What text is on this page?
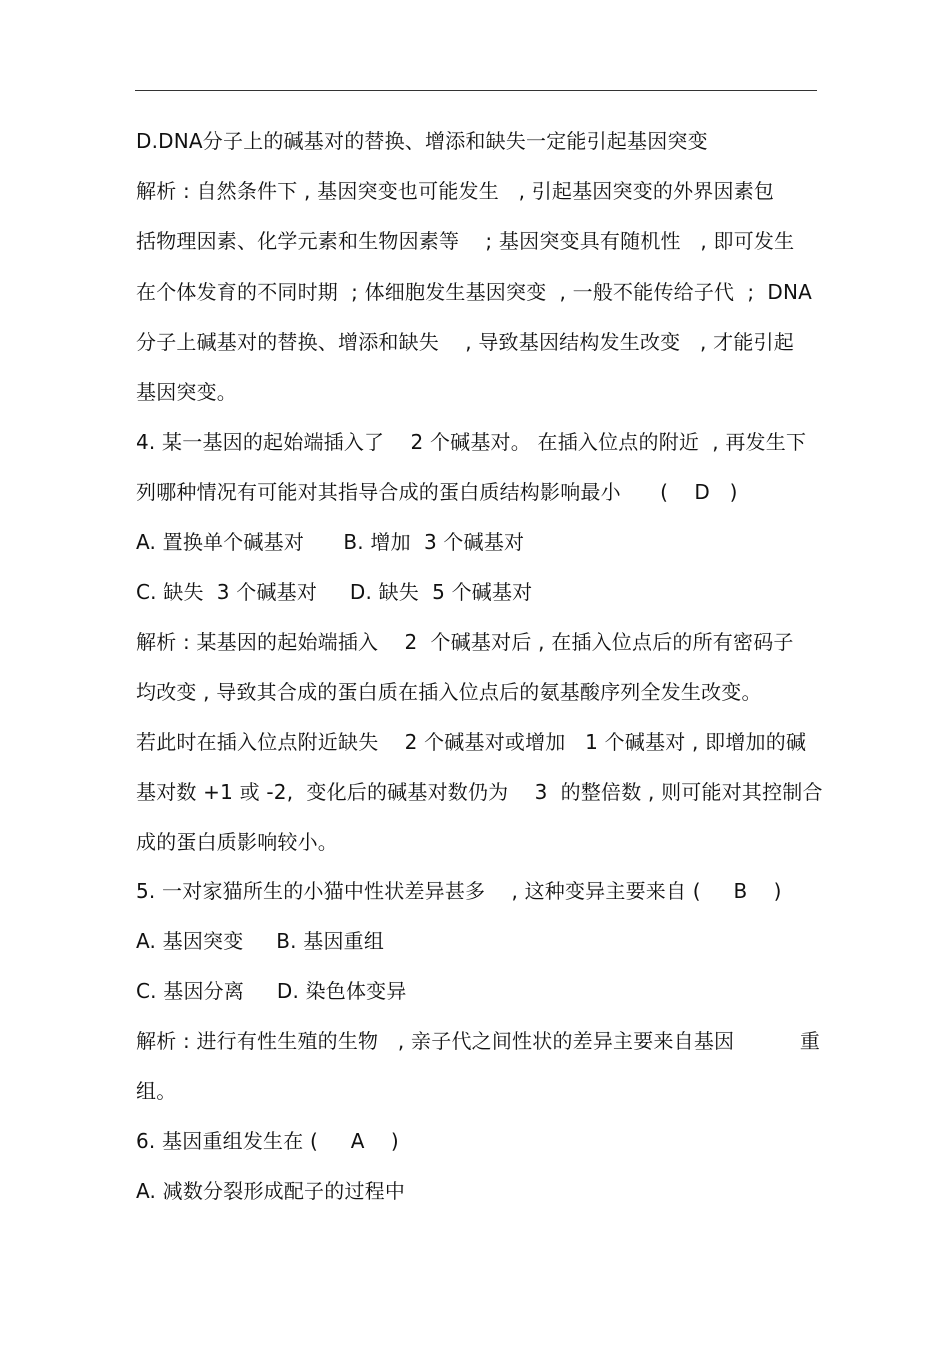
D.DNA分子上的碱基对的替换、增添和缺失一定能引起基因突变
解析 : 自然条件下 , 基因突变也可能发生   , 引起基因突变的外界因素包
括物理因素、化学元素和生物因素等    ; 基因突变具有随机性   , 即可发生
在个体发育的不同时期  ; 体细胞发生基因突变  , 一般不能传给子代  ;  DNA
分子上碱基对的替换、增添和缺失    , 导致基因结构发生改变   , 才能引起
基因突变。
4. 某一基因的起始端插入了    2 个碱基对。 在插入位点的附近  , 再发生下
列哪种情况有可能对其指导合成的蛋白质结构影响最小      (    D   )
A. 置换单个碱基对      B. 增加  3 个碱基对
C. 缺失  3 个碱基对     D. 缺失  5 个碱基对
解析 : 某基因的起始端插入    2  个碱基对后 , 在插入位点后的所有密码子
均改变 , 导致其合成的蛋白质在插入位点后的氨基酸序列全发生改变。
若此时在插入位点附近缺失    2 个碱基对或增加   1 个碱基对 , 即增加的碱
基对数 +1 或 -2,  变化后的碱基对数仍为    3  的整倍数 , 则可能对其控制合
成的蛋白质影响较小。
5. 一对家猫所生的小猫中性状差异甚多    , 这种变异主要来自 (     B    )
A. 基因突变     B. 基因重组
C. 基因分离     D. 染色体变异
解析 : 进行有性生殖的生物   , 亲子代之间性状的差异主要来自基因          重
组。
6. 基因重组发生在 (     A    )
A. 减数分裂形成配子的过程中
